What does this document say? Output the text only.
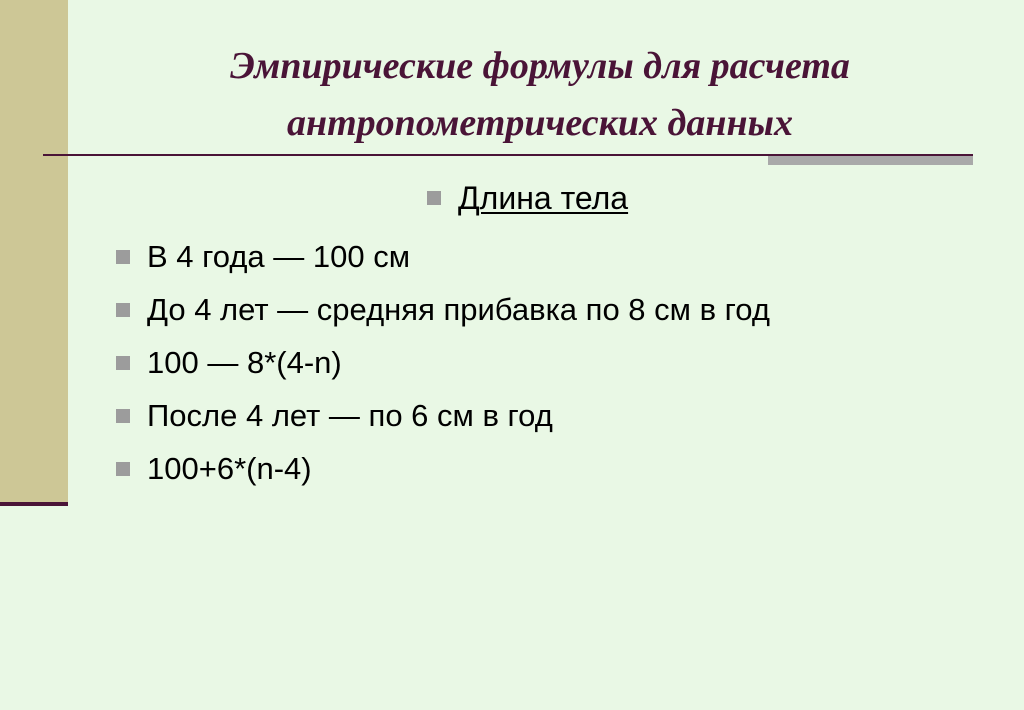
Эмпирические формулы для расчета
антропометрических данных
Длина тела
В 4 года — 100 см
До 4 лет — средняя прибавка по 8 см в год
100 — 8*(4-n)
После 4 лет — по 6 см в год
100+6*(n-4)
